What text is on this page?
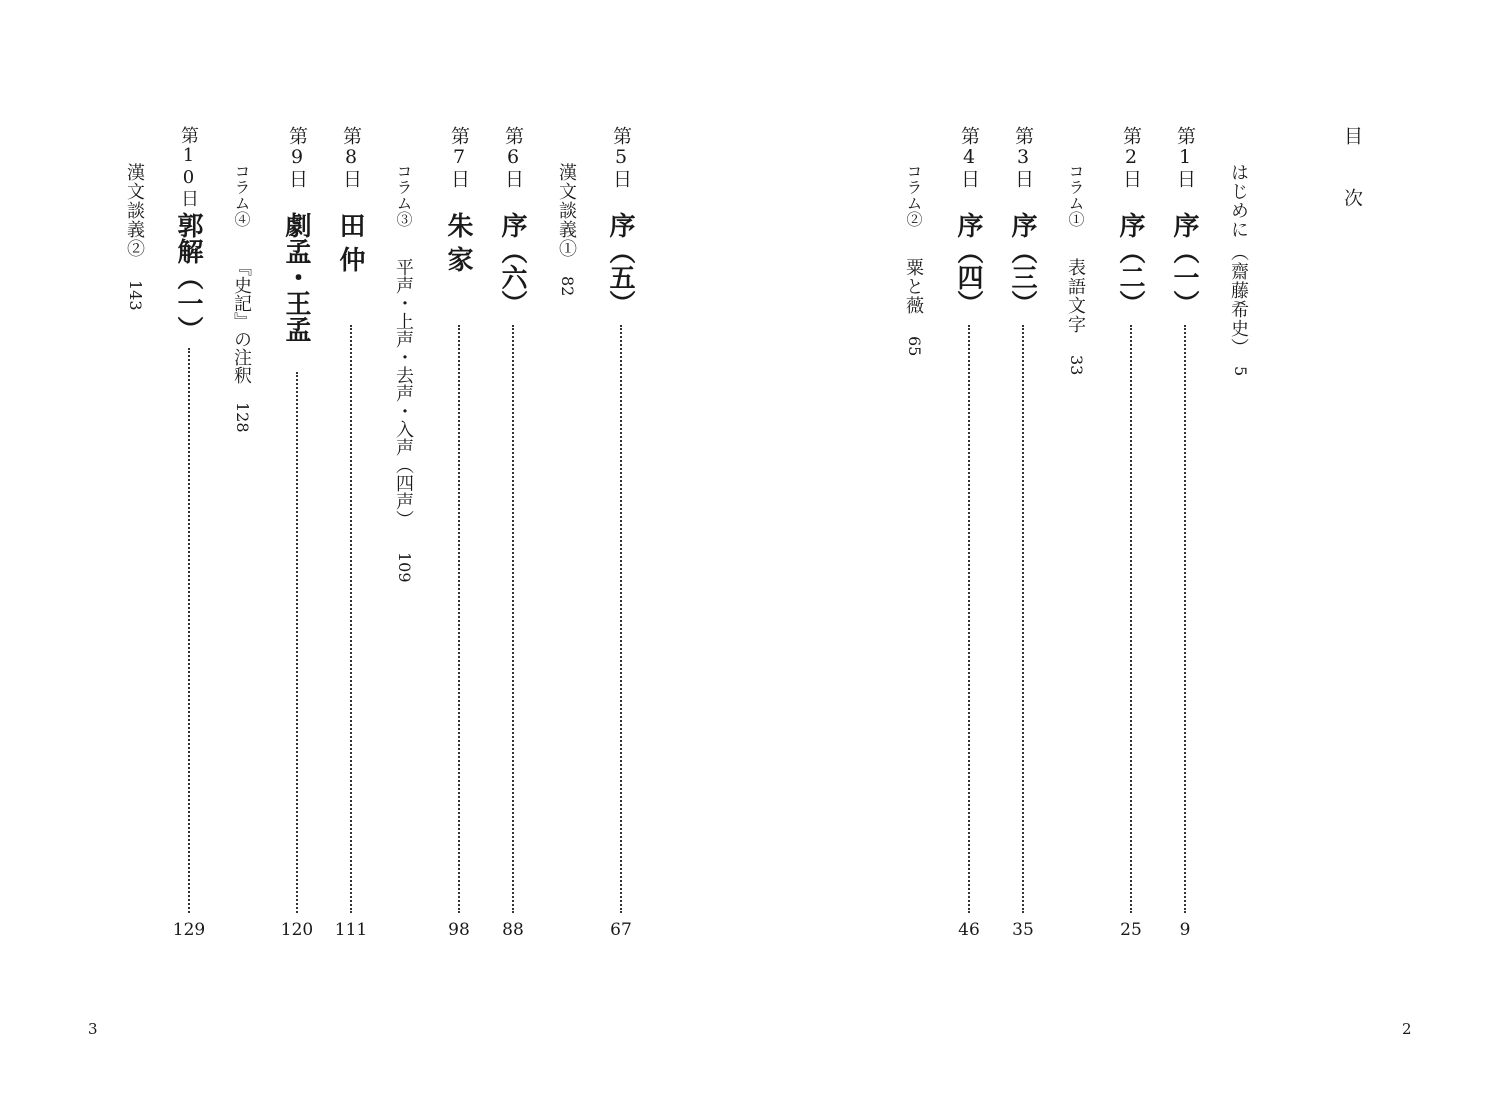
目　次
はじめに
（齋藤希史）
5
第1日
序（一）
9
第2日
序（二）
25
コラム①
表語文字
33
第3日
序（三）
35
第4日
序（四）
46
コラム②
粟と薇
65
2
第5日
序（五）
67
漢文談義①
82
第6日
序（六）
88
第7日
朱家
98
コラム③
平声・上声・去声・入声（四声）
109
第8日
田仲
111
第9日
劇孟・王孟
120
コラム④
『史記』の注釈
128
第10日
郭解（一）
129
漢文談義②
143
3
